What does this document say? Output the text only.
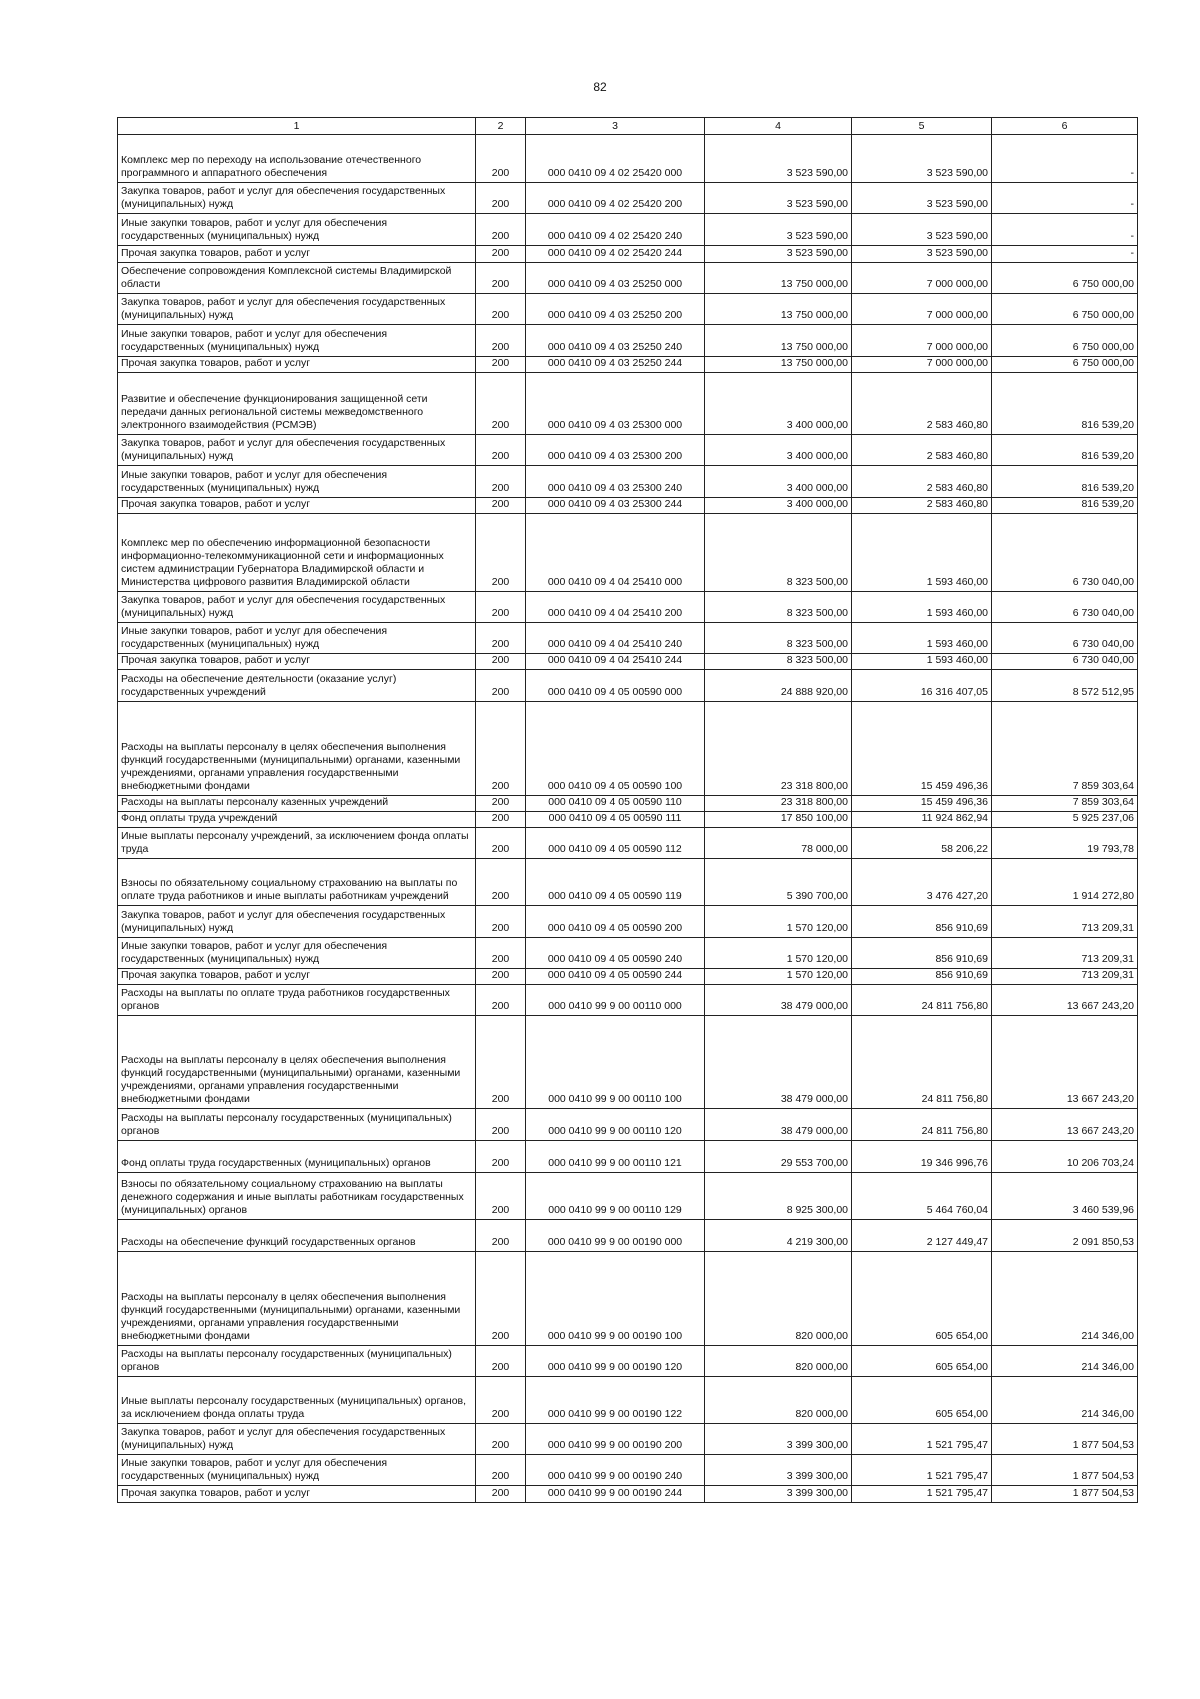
82
1	2	3	4	5	6
Комплекс мер по переходу на использование отечественного программного и аппаратного обеспечения	200	000 0410 09 4 02 25420 000	3 523 590,00	3 523 590,00	-
Закупка товаров, работ и услуг для обеспечения государственных (муниципальных) нужд	200	000 0410 09 4 02 25420 200	3 523 590,00	3 523 590,00	-
Иные закупки товаров, работ и услуг для обеспечения государственных (муниципальных) нужд	200	000 0410 09 4 02 25420 240	3 523 590,00	3 523 590,00	-
Прочая закупка товаров, работ и услуг	200	000 0410 09 4 02 25420 244	3 523 590,00	3 523 590,00	-
Обеспечение сопровождения Комплексной системы Владимирской области	200	000 0410 09 4 03 25250 000	13 750 000,00	7 000 000,00	6 750 000,00
Закупка товаров, работ и услуг для обеспечения государственных (муниципальных) нужд	200	000 0410 09 4 03 25250 200	13 750 000,00	7 000 000,00	6 750 000,00
Иные закупки товаров, работ и услуг для обеспечения государственных (муниципальных) нужд	200	000 0410 09 4 03 25250 240	13 750 000,00	7 000 000,00	6 750 000,00
Прочая закупка товаров, работ и услуг	200	000 0410 09 4 03 25250 244	13 750 000,00	7 000 000,00	6 750 000,00
Развитие и обеспечение функционирования защищенной сети передачи данных региональной системы межведомственного электронного взаимодействия (РСМЭВ)	200	000 0410 09 4 03 25300 000	3 400 000,00	2 583 460,80	816 539,20
Закупка товаров, работ и услуг для обеспечения государственных (муниципальных) нужд	200	000 0410 09 4 03 25300 200	3 400 000,00	2 583 460,80	816 539,20
Иные закупки товаров, работ и услуг для обеспечения государственных (муниципальных) нужд	200	000 0410 09 4 03 25300 240	3 400 000,00	2 583 460,80	816 539,20
Прочая закупка товаров, работ и услуг	200	000 0410 09 4 03 25300 244	3 400 000,00	2 583 460,80	816 539,20
Комплекс мер по обеспечению информационной безопасности информационно-телекоммуникационной сети и информационных систем администрации Губернатора Владимирской области и Министерства цифрового развития Владимирской области	200	000 0410 09 4 04 25410 000	8 323 500,00	1 593 460,00	6 730 040,00
Закупка товаров, работ и услуг для обеспечения государственных (муниципальных) нужд	200	000 0410 09 4 04 25410 200	8 323 500,00	1 593 460,00	6 730 040,00
Иные закупки товаров, работ и услуг для обеспечения государственных (муниципальных) нужд	200	000 0410 09 4 04 25410 240	8 323 500,00	1 593 460,00	6 730 040,00
Прочая закупка товаров, работ и услуг	200	000 0410 09 4 04 25410 244	8 323 500,00	1 593 460,00	6 730 040,00
Расходы на обеспечение деятельности (оказание услуг) государственных учреждений	200	000 0410 09 4 05 00590 000	24 888 920,00	16 316 407,05	8 572 512,95
Расходы на выплаты персоналу в целях обеспечения выполнения функций государственными (муниципальными) органами, казенными учреждениями, органами управления государственными внебюджетными фондами	200	000 0410 09 4 05 00590 100	23 318 800,00	15 459 496,36	7 859 303,64
Расходы на выплаты персоналу казенных учреждений	200	000 0410 09 4 05 00590 110	23 318 800,00	15 459 496,36	7 859 303,64
Фонд оплаты труда учреждений	200	000 0410 09 4 05 00590 111	17 850 100,00	11 924 862,94	5 925 237,06
Иные выплаты персоналу учреждений, за исключением фонда оплаты труда	200	000 0410 09 4 05 00590 112	78 000,00	58 206,22	19 793,78
Взносы по обязательному социальному страхованию на выплаты по оплате труда работников и иные выплаты работникам учреждений	200	000 0410 09 4 05 00590 119	5 390 700,00	3 476 427,20	1 914 272,80
Закупка товаров, работ и услуг для обеспечения государственных (муниципальных) нужд	200	000 0410 09 4 05 00590 200	1 570 120,00	856 910,69	713 209,31
Иные закупки товаров, работ и услуг для обеспечения государственных (муниципальных) нужд	200	000 0410 09 4 05 00590 240	1 570 120,00	856 910,69	713 209,31
Прочая закупка товаров, работ и услуг	200	000 0410 09 4 05 00590 244	1 570 120,00	856 910,69	713 209,31
Расходы на выплаты по оплате труда работников государственных органов	200	000 0410 99 9 00 00110 000	38 479 000,00	24 811 756,80	13 667 243,20
Расходы на выплаты персоналу в целях обеспечения выполнения функций государственными (муниципальными) органами, казенными учреждениями, органами управления государственными внебюджетными фондами	200	000 0410 99 9 00 00110 100	38 479 000,00	24 811 756,80	13 667 243,20
Расходы на выплаты персоналу государственных (муниципальных) органов	200	000 0410 99 9 00 00110 120	38 479 000,00	24 811 756,80	13 667 243,20
Фонд оплаты труда государственных (муниципальных) органов	200	000 0410 99 9 00 00110 121	29 553 700,00	19 346 996,76	10 206 703,24
Взносы по обязательному социальному страхованию на выплаты денежного содержания и иные выплаты работникам государственных (муниципальных) органов	200	000 0410 99 9 00 00110 129	8 925 300,00	5 464 760,04	3 460 539,96
Расходы на обеспечение функций государственных органов	200	000 0410 99 9 00 00190 000	4 219 300,00	2 127 449,47	2 091 850,53
Расходы на выплаты персоналу в целях обеспечения выполнения функций государственными (муниципальными) органами, казенными учреждениями, органами управления государственными внебюджетными фондами	200	000 0410 99 9 00 00190 100	820 000,00	605 654,00	214 346,00
Расходы на выплаты персоналу государственных (муниципальных) органов	200	000 0410 99 9 00 00190 120	820 000,00	605 654,00	214 346,00
Иные выплаты персоналу государственных (муниципальных) органов, за исключением фонда оплаты труда	200	000 0410 99 9 00 00190 122	820 000,00	605 654,00	214 346,00
Закупка товаров, работ и услуг для обеспечения государственных (муниципальных) нужд	200	000 0410 99 9 00 00190 200	3 399 300,00	1 521 795,47	1 877 504,53
Иные закупки товаров, работ и услуг для обеспечения государственных (муниципальных) нужд	200	000 0410 99 9 00 00190 240	3 399 300,00	1 521 795,47	1 877 504,53
Прочая закупка товаров, работ и услуг	200	000 0410 99 9 00 00190 244	3 399 300,00	1 521 795,47	1 877 504,53
